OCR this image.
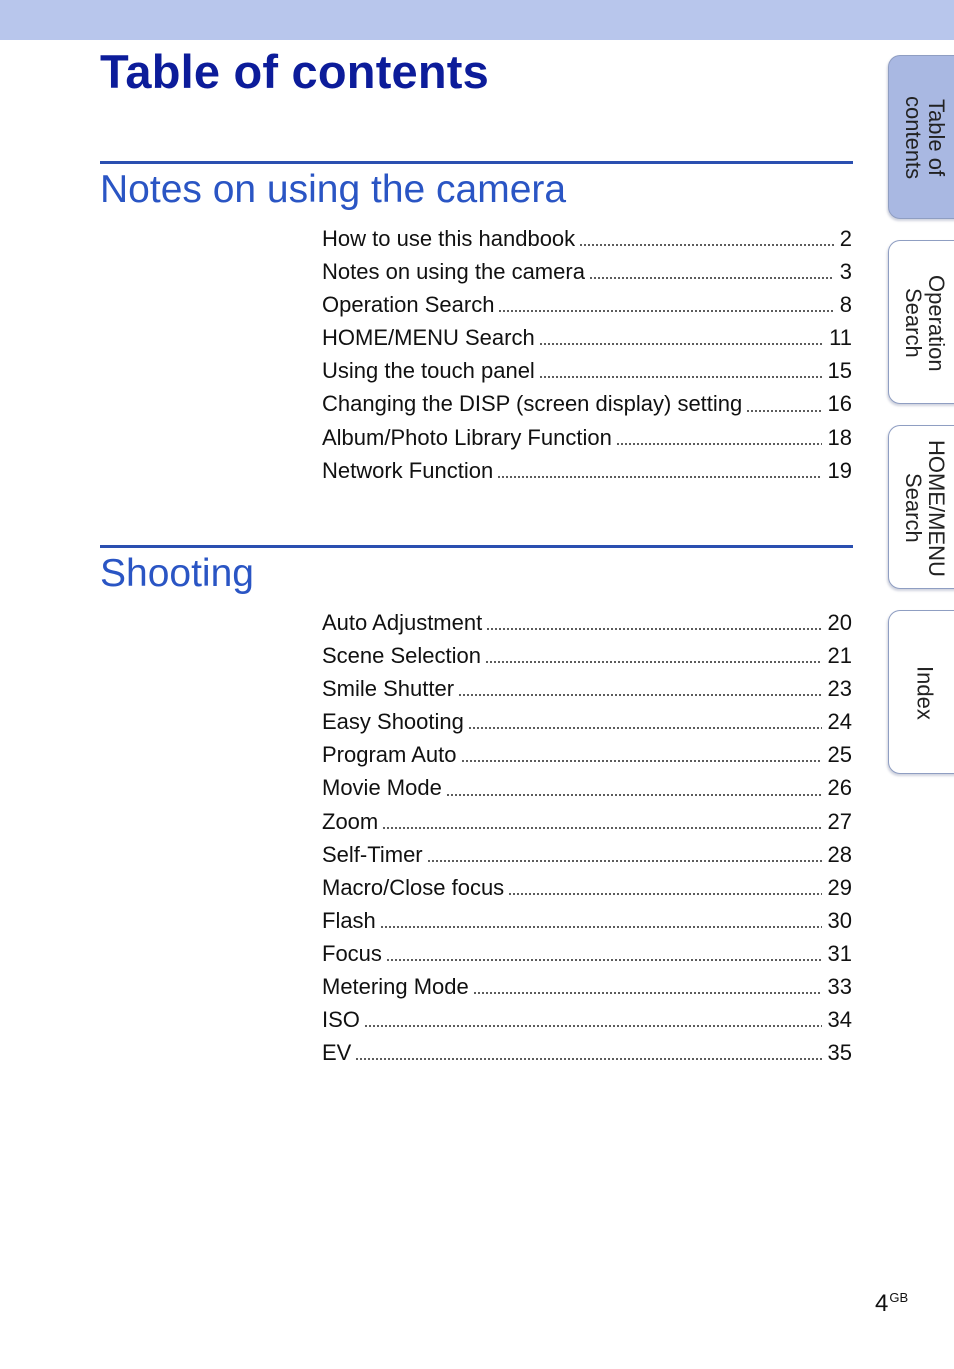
Table of contents
Notes on using the camera
How to use this handbook	2
Notes on using the camera	3
Operation Search	8
HOME/MENU Search	11
Using the touch panel	15
Changing the DISP (screen display) setting	16
Album/Photo Library Function	18
Network Function	19
Shooting
Auto Adjustment	20
Scene Selection	21
Smile Shutter	23
Easy Shooting	24
Program Auto	25
Movie Mode	26
Zoom	27
Self-Timer	28
Macro/Close focus	29
Flash	30
Focus	31
Metering Mode	33
ISO	34
EV	35
Table of
contents
Operation
Search
HOME/MENU
Search
Index
$4^{GB}$
